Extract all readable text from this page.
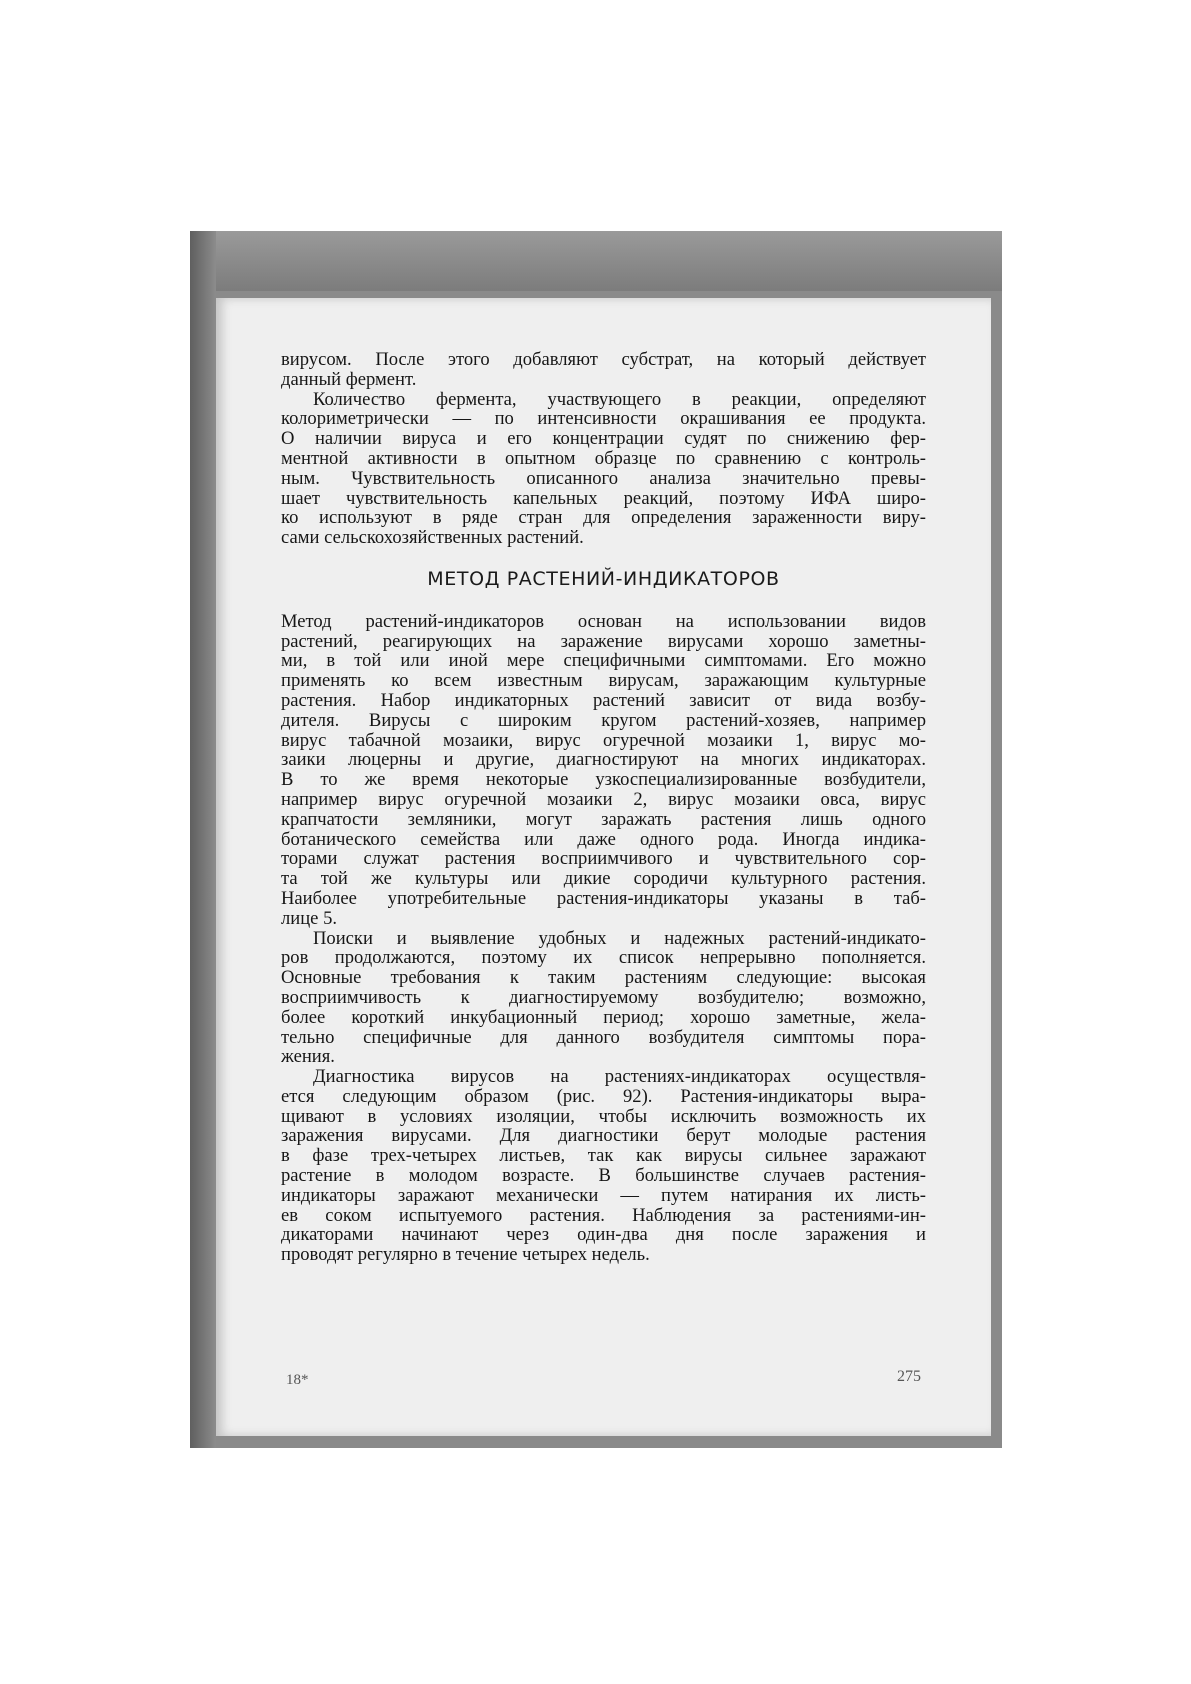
вирусом. После этого добавляют субстрат, на который действует
данный фермент.
Количество фермента, участвующего в реакции, определяют
колориметрически — по интенсивности окрашивания ее продукта.
О наличии вируса и его концентрации судят по снижению фер-
ментной активности в опытном образце по сравнению с контроль-
ным. Чувствительность описанного анализа значительно превы-
шает чувствительность капельных реакций, поэтому ИФА широ-
ко используют в ряде стран для определения зараженности виру-
сами сельскохозяйственных растений.
МЕТОД РАСТЕНИЙ-ИНДИКАТОРОВ
Метод растений-индикаторов основан на использовании видов
растений, реагирующих на заражение вирусами хорошо заметны-
ми, в той или иной мере специфичными симптомами. Его можно
применять ко всем известным вирусам, заражающим культурные
растения. Набор индикаторных растений зависит от вида возбу-
дителя. Вирусы с широким кругом растений-хозяев, например
вирус табачной мозаики, вирус огуречной мозаики 1, вирус мо-
заики люцерны и другие, диагностируют на многих индикаторах.
В то же время некоторые узкоспециализированные возбудители,
например вирус огуречной мозаики 2, вирус мозаики овса, вирус
крапчатости земляники, могут заражать растения лишь одного
ботанического семейства или даже одного рода. Иногда индика-
торами служат растения восприимчивого и чувствительного сор-
та той же культуры или дикие сородичи культурного растения.
Наиболее употребительные растения-индикаторы указаны в таб-
лице 5.
Поиски и выявление удобных и надежных растений-индикато-
ров продолжаются, поэтому их список непрерывно пополняется.
Основные требования к таким растениям следующие: высокая
восприимчивость к диагностируемому возбудителю; возможно,
более короткий инкубационный период; хорошо заметные, жела-
тельно специфичные для данного возбудителя симптомы пора-
жения.
Диагностика вирусов на растениях-индикаторах осуществля-
ется следующим образом (рис. 92). Растения-индикаторы выра-
щивают в условиях изоляции, чтобы исключить возможность их
заражения вирусами. Для диагностики берут молодые растения
в фазе трех-четырех листьев, так как вирусы сильнее заражают
растение в молодом возрасте. В большинстве случаев растения-
индикаторы заражают механически — путем натирания их листь-
ев соком испытуемого растения. Наблюдения за растениями-ин-
дикаторами начинают через один-два дня после заражения и
проводят регулярно в течение четырех недель.
18*	275
